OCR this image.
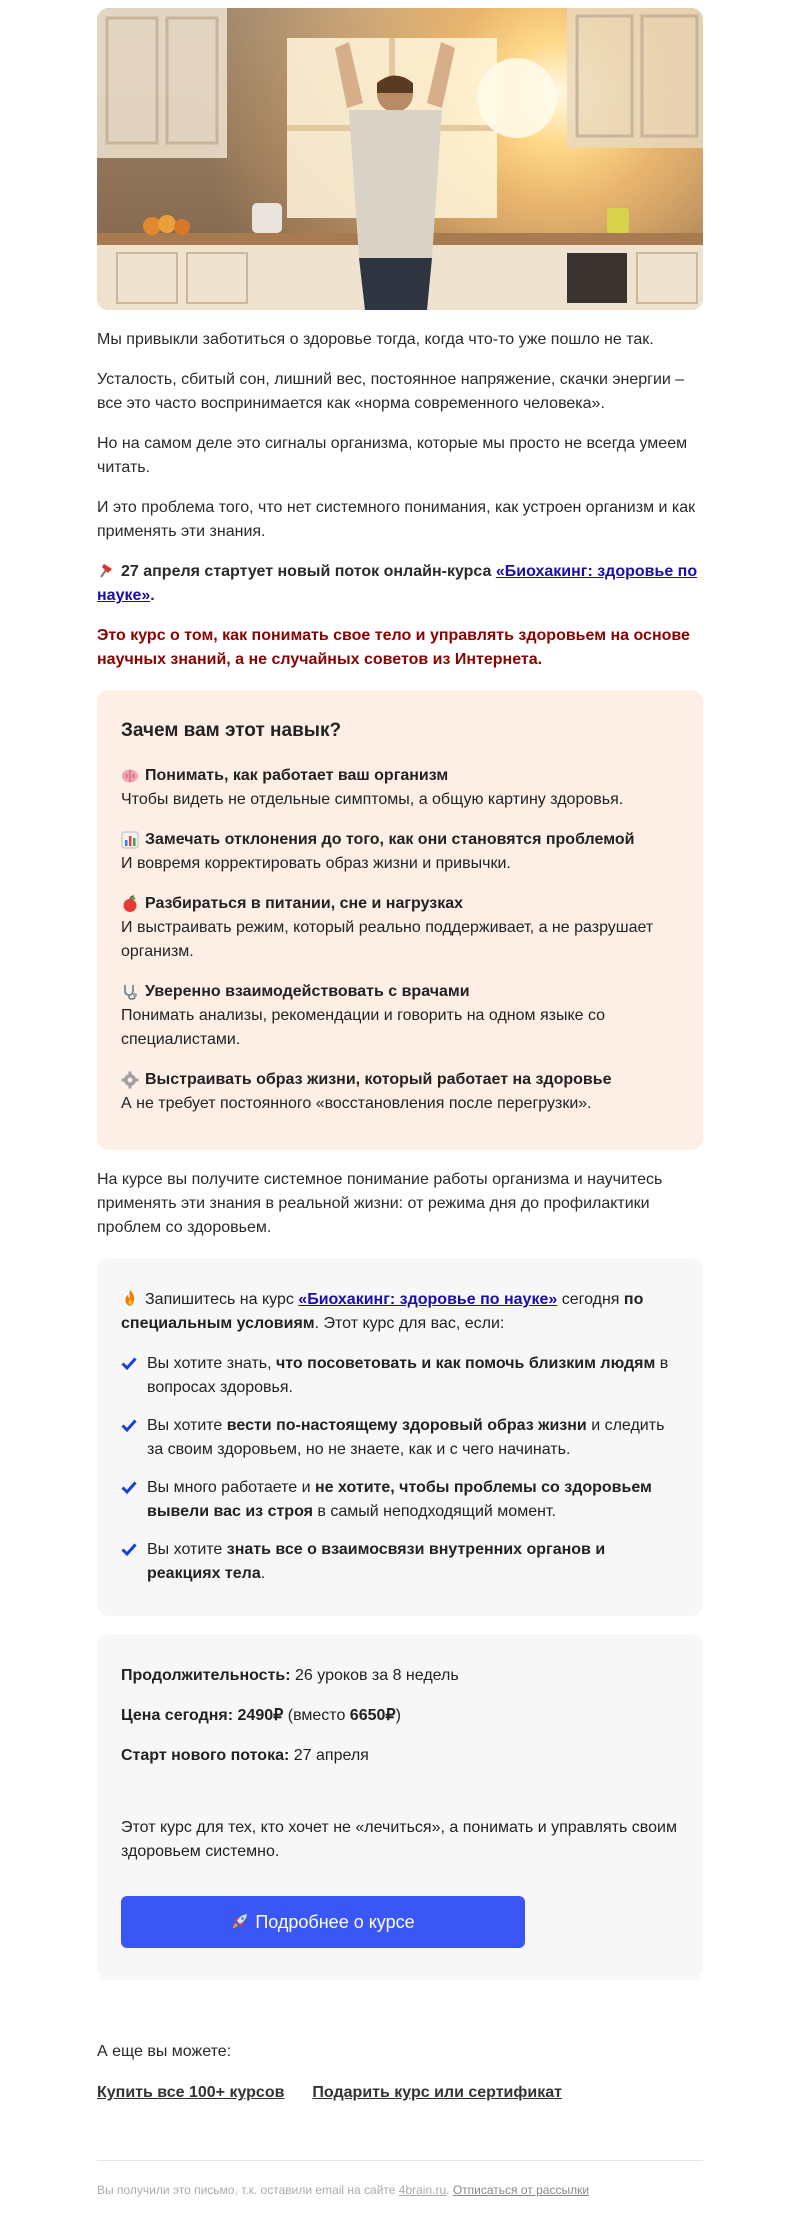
Мы привыкли заботиться о здоровье тогда, когда что-то уже пошло не так.

Усталость, сбитый сон, лишний вес, постоянное напряжение, скачки энергии – все это часто воспринимается как «норма современного человека».

Но на самом деле это сигналы организма, которые мы просто не всегда умеем читать.

И это проблема того, что нет системного понимания, как устроен организм и как применять эти знания.

27 апреля стартует новый поток онлайн-курса «Биохакинг: здоровье по науке».

Это курс о том, как понимать свое тело и управлять здоровьем на основе научных знаний, а не случайных советов из Интернета.

Зачем вам этот навык?
Понимать, как работает ваш организм
Чтобы видеть не отдельные симптомы, а общую картину здоровья.
Замечать отклонения до того, как они становятся проблемой
И вовремя корректировать образ жизни и привычки.
Разбираться в питании, сне и нагрузках
И выстраивать режим, который реально поддерживает, а не разрушает организм.
Уверенно взаимодействовать с врачами
Понимать анализы, рекомендации и говорить на одном языке со специалистами.
Выстраивать образ жизни, который работает на здоровье
А не требует постоянного «восстановления после перегрузки».

На курсе вы получите системное понимание работы организма и научитесь применять эти знания в реальной жизни: от режима дня до профилактики проблем со здоровьем.

Запишитесь на курс «Биохакинг: здоровье по науке» сегодня по специальным условиям. Этот курс для вас, если:

Вы хотите знать, что посоветовать и как помочь близким людям в вопросах здоровья.
Вы хотите вести по-настоящему здоровый образ жизни и следить за своим здоровьем, но не знаете, как и с чего начинать.
Вы много работаете и не хотите, чтобы проблемы со здоровьем вывели вас из строя в самый неподходящий момент.
Вы хотите знать все о взаимосвязи внутренних органов и реакциях тела.

Продолжительность: 26 уроков за 8 недель

Цена сегодня: 2490₽ (вместо 6650₽)

Старт нового потока: 27 апреля

Этот курс для тех, кто хочет не «лечиться», а понимать и управлять своим здоровьем системно.

Подробнее о курсе

А еще вы можете:

Купить все 100+ курсов Подарить курс или сертификат

Вы получили это письмо, т.к. оставили email на сайте 4brain.ru. Отписаться от рассылки
